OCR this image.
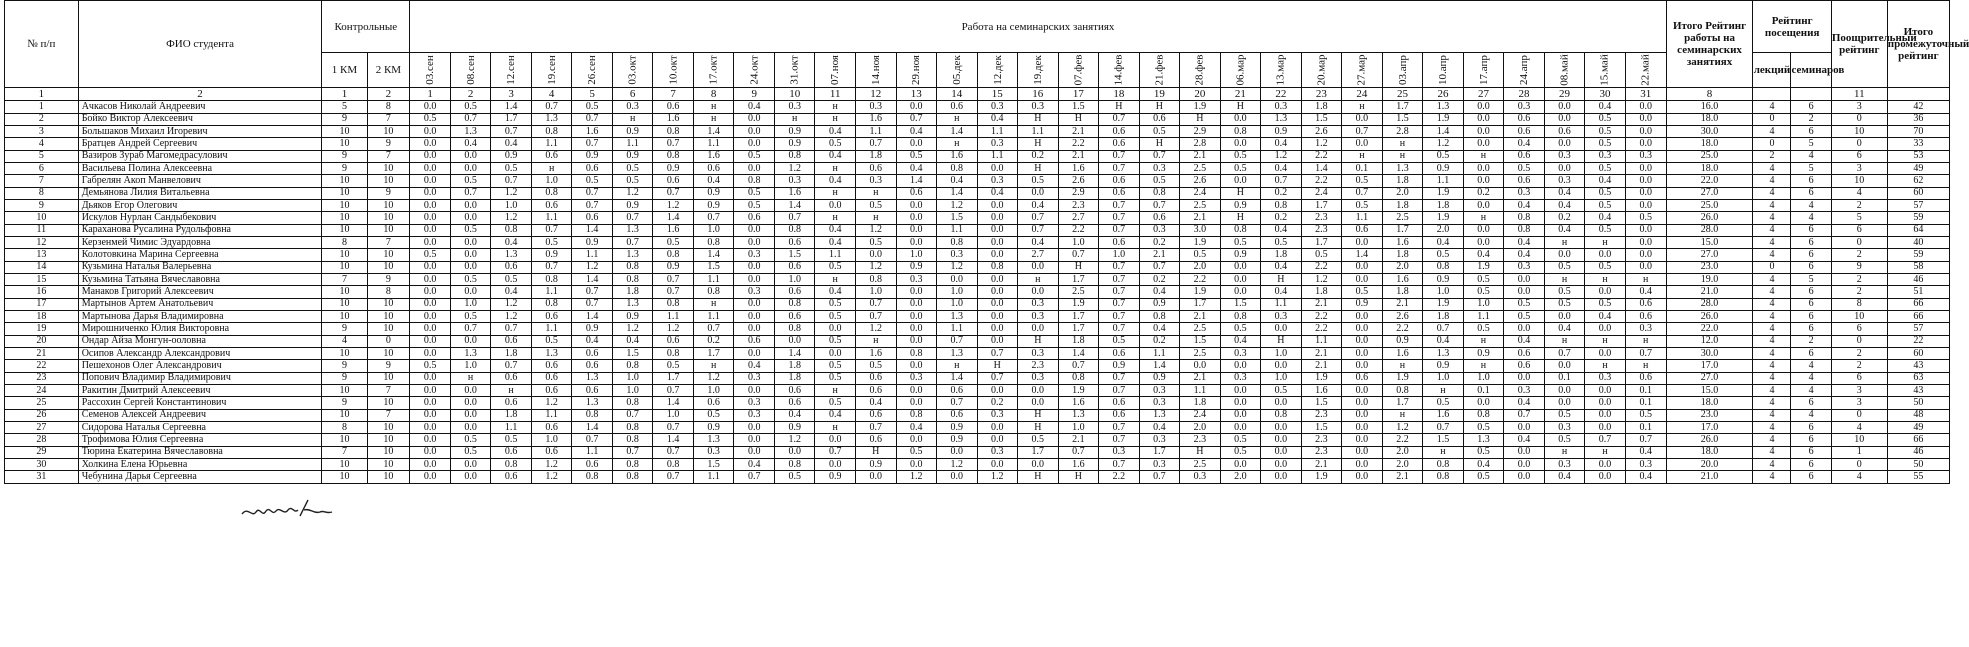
№ п/п	ФИО студента	Контрольные		Работа на семинарских занятиях																															Итого Рейтинг работы на семинарских занятиях	Рейтинг посещения		Поощрительный рейтинг	Итого промежуточный рейтинг
		1 КМ	2 КМ	03.сен	08.сен	12.сен	19.сен	26.сен	03.окт	10.окт	17.окт	24.окт	31.окт	07.ноя	14.ноя	29.ноя	05.дек	12.дек	19.дек	07.фев	14.фев	21.фев	28.фев	06.мар	13.мар	20.мар	27.мар	03.апр	10.апр	17.апр	24.апр	08.май	15.май	22.май		лекций	семинаров		
1	2	1	2	1	2	3	4	5	6	7	8	9	10	11	12	13	14	15	16	17	18	19	20	21	22	23	24	25	26	27	28	29	30	31	8			11	
1	Ачкасов Николай Андреевич	5	8	0.0	0.5	1.4	0.7	0.5	0.3	0.6	н	0.4	0.3	н	0.3	0.0	0.6	0.3	0.3	1.5	Н	Н	1.9	Н	0.3	1.8	н	1.7	1.3	0.0	0.3	0.0	0.4	0.0	16.0	4	6	3	42
2	Бойко Виктор Алексеевич	9	7	0.5	0.7	1.7	1.3	0.7	н	1.6	н	0.0	н	н	1.6	0.7	н	0.4	Н	Н	0.7	0.6	Н	0.0	1.3	1.5	0.0	1.5	1.9	0.0	0.6	0.0	0.5	0.0	18.0	0	2	0	36
3	Большаков Михаил Игоревич	10	10	0.0	1.3	0.7	0.8	1.6	0.9	0.8	1.4	0.0	0.9	0.4	1.1	0.4	1.4	1.1	1.1	2.1	0.6	0.5	2.9	0.8	0.9	2.6	0.7	2.8	1.4	0.0	0.6	0.6	0.5	0.0	30.0	4	6	10	70
4	Братцев Андрей Сергеевич	10	9	0.0	0.4	0.4	1.1	0.7	1.1	0.7	1.1	0.0	0.9	0.5	0.7	0.0	н	0.3	Н	2.2	0.6	Н	2.8	0.0	0.4	1.2	0.0	н	1.2	0.0	0.4	0.0	0.5	0.0	18.0	0	5	0	33
5	Вазиров Зураб Магомедрасулович	9	7	0.0	0.0	0.9	0.6	0.9	0.9	0.8	1.6	0.5	0.8	0.4	1.8	0.5	1.6	1.1	0.2	2.1	0.7	0.7	2.1	0.5	1.2	2.2	н	н	0.5	н	0.6	0.3	0.3	0.3	25.0	2	4	6	53
6	Васильева Полина Алексеевна	9	10	0.0	0.0	0.5	н	0.6	0.5	0.9	0.6	0.0	1.2	н	0.6	0.4	0.8	0.0	Н	1.6	0.7	0.3	2.5	0.5	0.4	1.4	0.1	1.3	0.9	0.0	0.5	0.0	0.5	0.0	18.0	4	5	3	49
7	Габрелян Акоп Манвелович	10	10	0.0	0.5	0.7	1.0	0.5	0.5	0.6	0.4	0.8	0.3	0.4	0.3	1.4	0.4	0.3	0.5	2.6	0.6	0.5	2.6	0.0	0.7	2.2	0.5	1.8	1.1	0.0	0.6	0.3	0.4	0.0	22.0	4	6	10	62
8	Демьянова Лилия Витальевна	10	9	0.0	0.7	1.2	0.8	0.7	1.2	0.7	0.9	0.5	1.6	н	н	0.6	1.4	0.4	0.0	2.9	0.6	0.8	2.4	Н	0.2	2.4	0.7	2.0	1.9	0.2	0.3	0.4	0.5	0.0	27.0	4	6	4	60
9	Дьяков Егор Олегович	10	10	0.0	0.0	1.0	0.6	0.7	0.9	1.2	0.9	0.5	1.4	0.0	0.5	0.0	1.2	0.0	0.4	2.3	0.7	0.7	2.5	0.9	0.8	1.7	0.5	1.8	1.8	0.0	0.4	0.4	0.5	0.0	25.0	4	4	2	57
10	Искулов Нурлан Сандыбекович	10	10	0.0	0.0	1.2	1.1	0.6	0.7	1.4	0.7	0.6	0.7	н	н	0.0	1.5	0.0	0.7	2.7	0.7	0.6	2.1	Н	0.2	2.3	1.1	2.5	1.9	н	0.8	0.2	0.4	0.5	26.0	4	4	5	59
11	Караханова Русалина Рудольфовна	10	10	0.0	0.5	0.8	0.7	1.4	1.3	1.6	1.0	0.0	0.8	0.4	1.2	0.0	1.1	0.0	0.7	2.2	0.7	0.3	3.0	0.8	0.4	2.3	0.6	1.7	2.0	0.0	0.8	0.4	0.5	0.0	28.0	4	6	6	64
12	Керзенмей Чимис Эдуардовна	8	7	0.0	0.0	0.4	0.5	0.9	0.7	0.5	0.8	0.0	0.6	0.4	0.5	0.0	0.8	0.0	0.4	1.0	0.6	0.2	1.9	0.5	0.5	1.7	0.0	1.6	0.4	0.0	0.4	н	н	0.0	15.0	4	6	0	40
13	Колотовкина Марина Сергеевна	10	10	0.5	0.0	1.3	0.9	1.1	1.3	0.8	1.4	0.3	1.5	1.1	0.0	1.0	0.3	0.0	2.7	0.7	1.0	2.1	0.5	0.9	1.8	0.5	1.4	1.8	0.5	0.4	0.4	0.0	0.0	0.0	27.0	4	6	2	59
14	Кузьмина Наталья Валерьевна	10	10	0.0	0.0	0.6	0.7	1.2	0.8	0.9	1.5	0.0	0.6	0.5	1.2	0.9	1.2	0.8	0.0	Н	0.7	0.7	2.0	0.0	0.4	2.2	0.0	2.0	0.8	1.9	0.3	0.5	0.5	0.0	23.0	0	6	9	58
15	Кузьмина Татьяна Вячеславовна	7	9	0.0	0.5	0.5	0.8	1.4	0.8	0.7	1.1	0.0	1.0	н	0.8	0.3	0.0	0.0	н	1.7	0.7	0.2	2.2	0.0	Н	1.2	0.0	1.6	0.9	0.5	0.0	н	н	н	19.0	4	5	2	46
16	Манаков Григорий Алексеевич	10	8	0.0	0.0	0.4	1.1	0.7	1.8	0.7	0.8	0.3	0.6	0.4	1.0	0.0	1.0	0.0	0.0	2.5	0.7	0.4	1.9	0.0	0.4	1.8	0.5	1.8	1.0	0.5	0.0	0.5	0.0	0.4	21.0	4	6	2	51
17	Мартынов Артем Анатольевич	10	10	0.0	1.0	1.2	0.8	0.7	1.3	0.8	н	0.0	0.8	0.5	0.7	0.0	1.0	0.0	0.3	1.9	0.7	0.9	1.7	1.5	1.1	2.1	0.9	2.1	1.9	1.0	0.5	0.5	0.5	0.6	28.0	4	6	8	66
18	Мартынова Дарья Владимировна	10	10	0.0	0.5	1.2	0.6	1.4	0.9	1.1	1.1	0.0	0.6	0.5	0.7	0.0	1.3	0.0	0.3	1.7	0.7	0.8	2.1	0.8	0.3	2.2	0.0	2.6	1.8	1.1	0.5	0.0	0.4	0.6	26.0	4	6	10	66
19	Мирошниченко Юлия Викторовна	9	10	0.0	0.7	0.7	1.1	0.9	1.2	1.2	0.7	0.0	0.8	0.0	1.2	0.0	1.1	0.0	0.0	1.7	0.7	0.4	2.5	0.5	0.0	2.2	0.0	2.2	0.7	0.5	0.0	0.4	0.0	0.3	22.0	4	6	6	57
20	Ондар Айза Монгун-ооловна	4	0	0.0	0.0	0.6	0.5	0.4	0.4	0.6	0.2	0.6	0.0	0.5	н	0.0	0.7	0.0	Н	1.8	0.5	0.2	1.5	0.4	Н	1.1	0.0	0.9	0.4	н	0.4	н	н	н	12.0	4	2	0	22
21	Осипов Александр Александрович	10	10	0.0	1.3	1.8	1.3	0.6	1.5	0.8	1.7	0.0	1.4	0.0	1.6	0.8	1.3	0.7	0.3	1.4	0.6	1.1	2.5	0.3	1.0	2.1	0.0	1.6	1.3	0.9	0.6	0.7	0.0	0.7	30.0	4	6	2	60
22	Пешехонов Олег Александрович	9	9	0.5	1.0	0.7	0.6	0.6	0.8	0.5	н	0.4	1.8	0.5	0.5	0.0	н	Н	2.3	0.7	0.9	1.4	0.0	0.0	0.0	2.1	0.0	н	0.9	н	0.6	0.0	н	н	17.0	4	4	2	43
23	Попович Владимир Владимирович	9	10	0.0	н	0.6	0.6	1.3	1.0	1.7	1.2	0.3	1.8	0.5	0.6	0.3	1.4	0.7	0.3	0.8	0.7	0.9	2.1	0.3	1.0	1.9	0.6	1.9	1.0	1.0	0.0	0.1	0.3	0.6	27.0	4	4	6	63
24	Ракитин Дмитрий Алексеевич	10	7	0.0	0.0	н	0.6	0.6	1.0	0.7	1.0	0.0	0.6	н	0.6	0.0	0.6	0.0	0.0	1.9	0.7	0.3	1.1	0.0	0.5	1.6	0.0	0.8	н	0.1	0.3	0.0	0.0	0.1	15.0	4	4	3	43
25	Рассохин Сергей Константинович	9	10	0.0	0.0	0.6	1.2	1.3	0.8	1.4	0.6	0.3	0.6	0.5	0.4	0.0	0.7	0.2	0.0	1.6	0.6	0.3	1.8	0.0	0.0	1.5	0.0	1.7	0.5	0.0	0.4	0.0	0.0	0.1	18.0	4	6	3	50
26	Семенов Алексей Андреевич	10	7	0.0	0.0	1.8	1.1	0.8	0.7	1.0	0.5	0.3	0.4	0.4	0.6	0.8	0.6	0.3	Н	1.3	0.6	1.3	2.4	0.0	0.8	2.3	0.0	н	1.6	0.8	0.7	0.5	0.0	0.5	23.0	4	4	0	48
27	Сидорова Наталья Сергеевна	8	10	0.0	0.0	1.1	0.6	1.4	0.8	0.7	0.9	0.0	0.9	н	0.7	0.4	0.9	0.0	Н	1.0	0.7	0.4	2.0	0.0	0.0	1.5	0.0	1.2	0.7	0.5	0.0	0.3	0.0	0.1	17.0	4	6	4	49
28	Трофимова Юлия Сергеевна	10	10	0.0	0.5	0.5	1.0	0.7	0.8	1.4	1.3	0.0	1.2	0.0	0.6	0.0	0.9	0.0	0.5	2.1	0.7	0.3	2.3	0.5	0.0	2.3	0.0	2.2	1.5	1.3	0.4	0.5	0.7	0.7	26.0	4	6	10	66
29	Тюрина Екатерина Вячеславовна	7	10	0.0	0.5	0.6	0.6	1.1	0.7	0.7	0.3	0.0	0.0	0.7	Н	0.5	0.0	0.3	1.7	0.7	0.3	1.7	Н	0.5	0.0	2.3	0.0	2.0	н	0.5	0.0	н	н	0.4	18.0	4	6	1	46
30	Холкина Елена Юрьевна	10	10	0.0	0.0	0.8	1.2	0.6	0.8	0.8	1.5	0.4	0.8	0.0	0.9	0.0	1.2	0.0	0.0	1.6	0.7	0.3	2.5	0.0	0.0	2.1	0.0	2.0	0.8	0.4	0.0	0.3	0.0	0.3	20.0	4	6	0	50
31	Чебунина Дарья Сергеевна	10	10	0.0	0.0	0.6	1.2	0.8	0.8	0.7	1.1	0.7	0.5	0.9	0.0	1.2	0.0	1.2	Н	Н	2.2	0.7	0.3	2.0	0.0	1.9	0.0	2.1	0.8	0.5	0.0	0.4	0.0	0.4	21.0	4	6	4	55
